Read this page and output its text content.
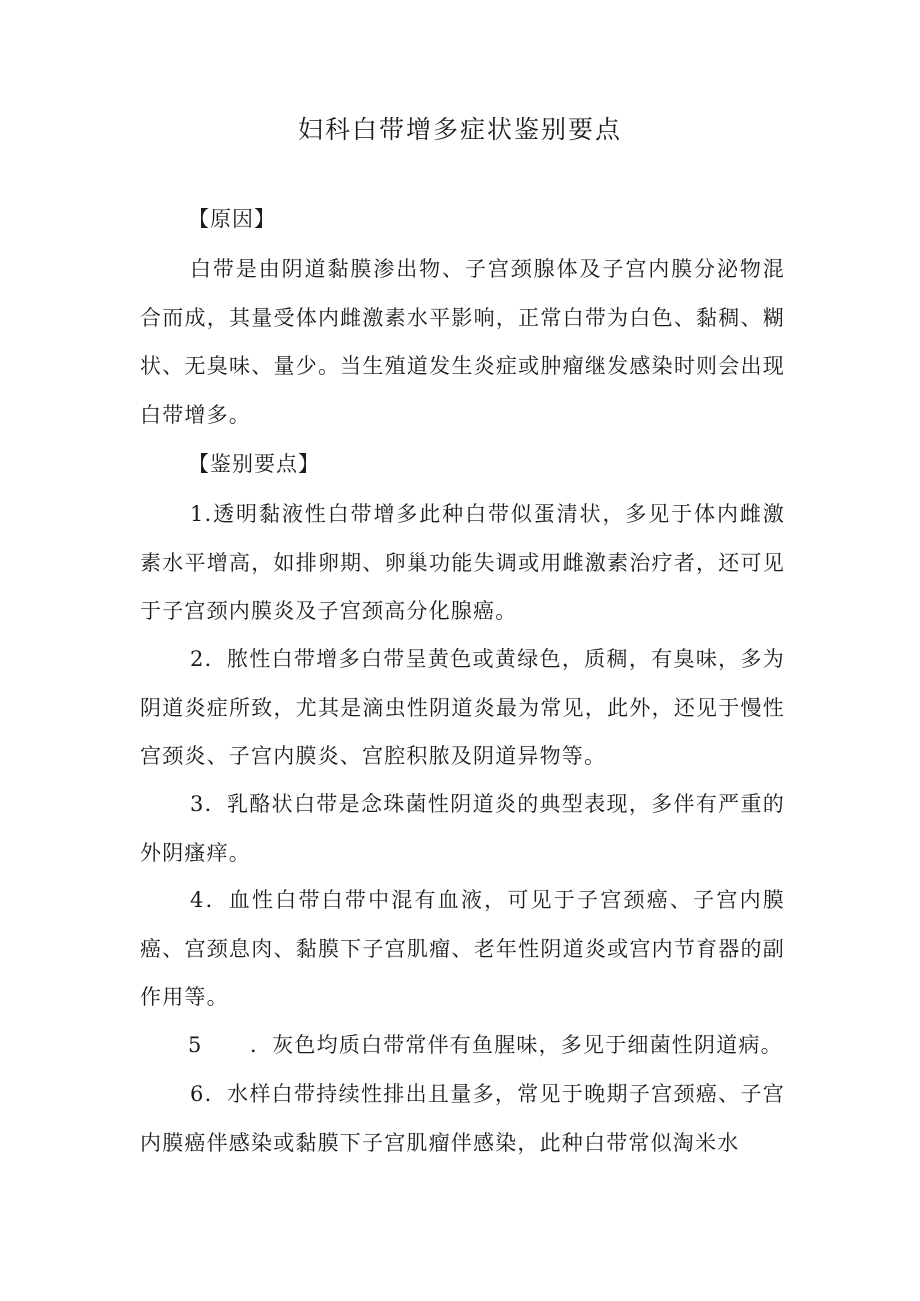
妇科白带增多症状鉴别要点
【原因】

白带是由阴道黏膜渗出物、子宫颈腺体及子宫内膜分泌物混合而成，其量受体内雌激素水平影响，正常白带为白色、黏稠、糊状、无臭味、量少。当生殖道发生炎症或肿瘤继发感染时则会出现白带增多。

【鉴别要点】

1.透明黏液性白带增多此种白带似蛋清状，多见于体内雌激素水平增高，如排卵期、卵巢功能失调或用雌激素治疗者，还可见于子宫颈内膜炎及子宫颈高分化腺癌。

2．脓性白带增多白带呈黄色或黄绿色，质稠，有臭味，多为阴道炎症所致，尤其是滴虫性阴道炎最为常见，此外，还见于慢性宫颈炎、子宫内膜炎、宫腔积脓及阴道异物等。

3．乳酪状白带是念珠菌性阴道炎的典型表现，多伴有严重的外阴瘙痒。

4．血性白带白带中混有血液，可见于子宫颈癌、子宫内膜癌、宫颈息肉、黏膜下子宫肌瘤、老年性阴道炎或宫内节育器的副作用等。

5 ．灰色均质白带常伴有鱼腥味，多见于细菌性阴道病。

6．水样白带持续性排出且量多，常见于晚期子宫颈癌、子宫内膜癌伴感染或黏膜下子宫肌瘤伴感染，此种白带常似淘米水
